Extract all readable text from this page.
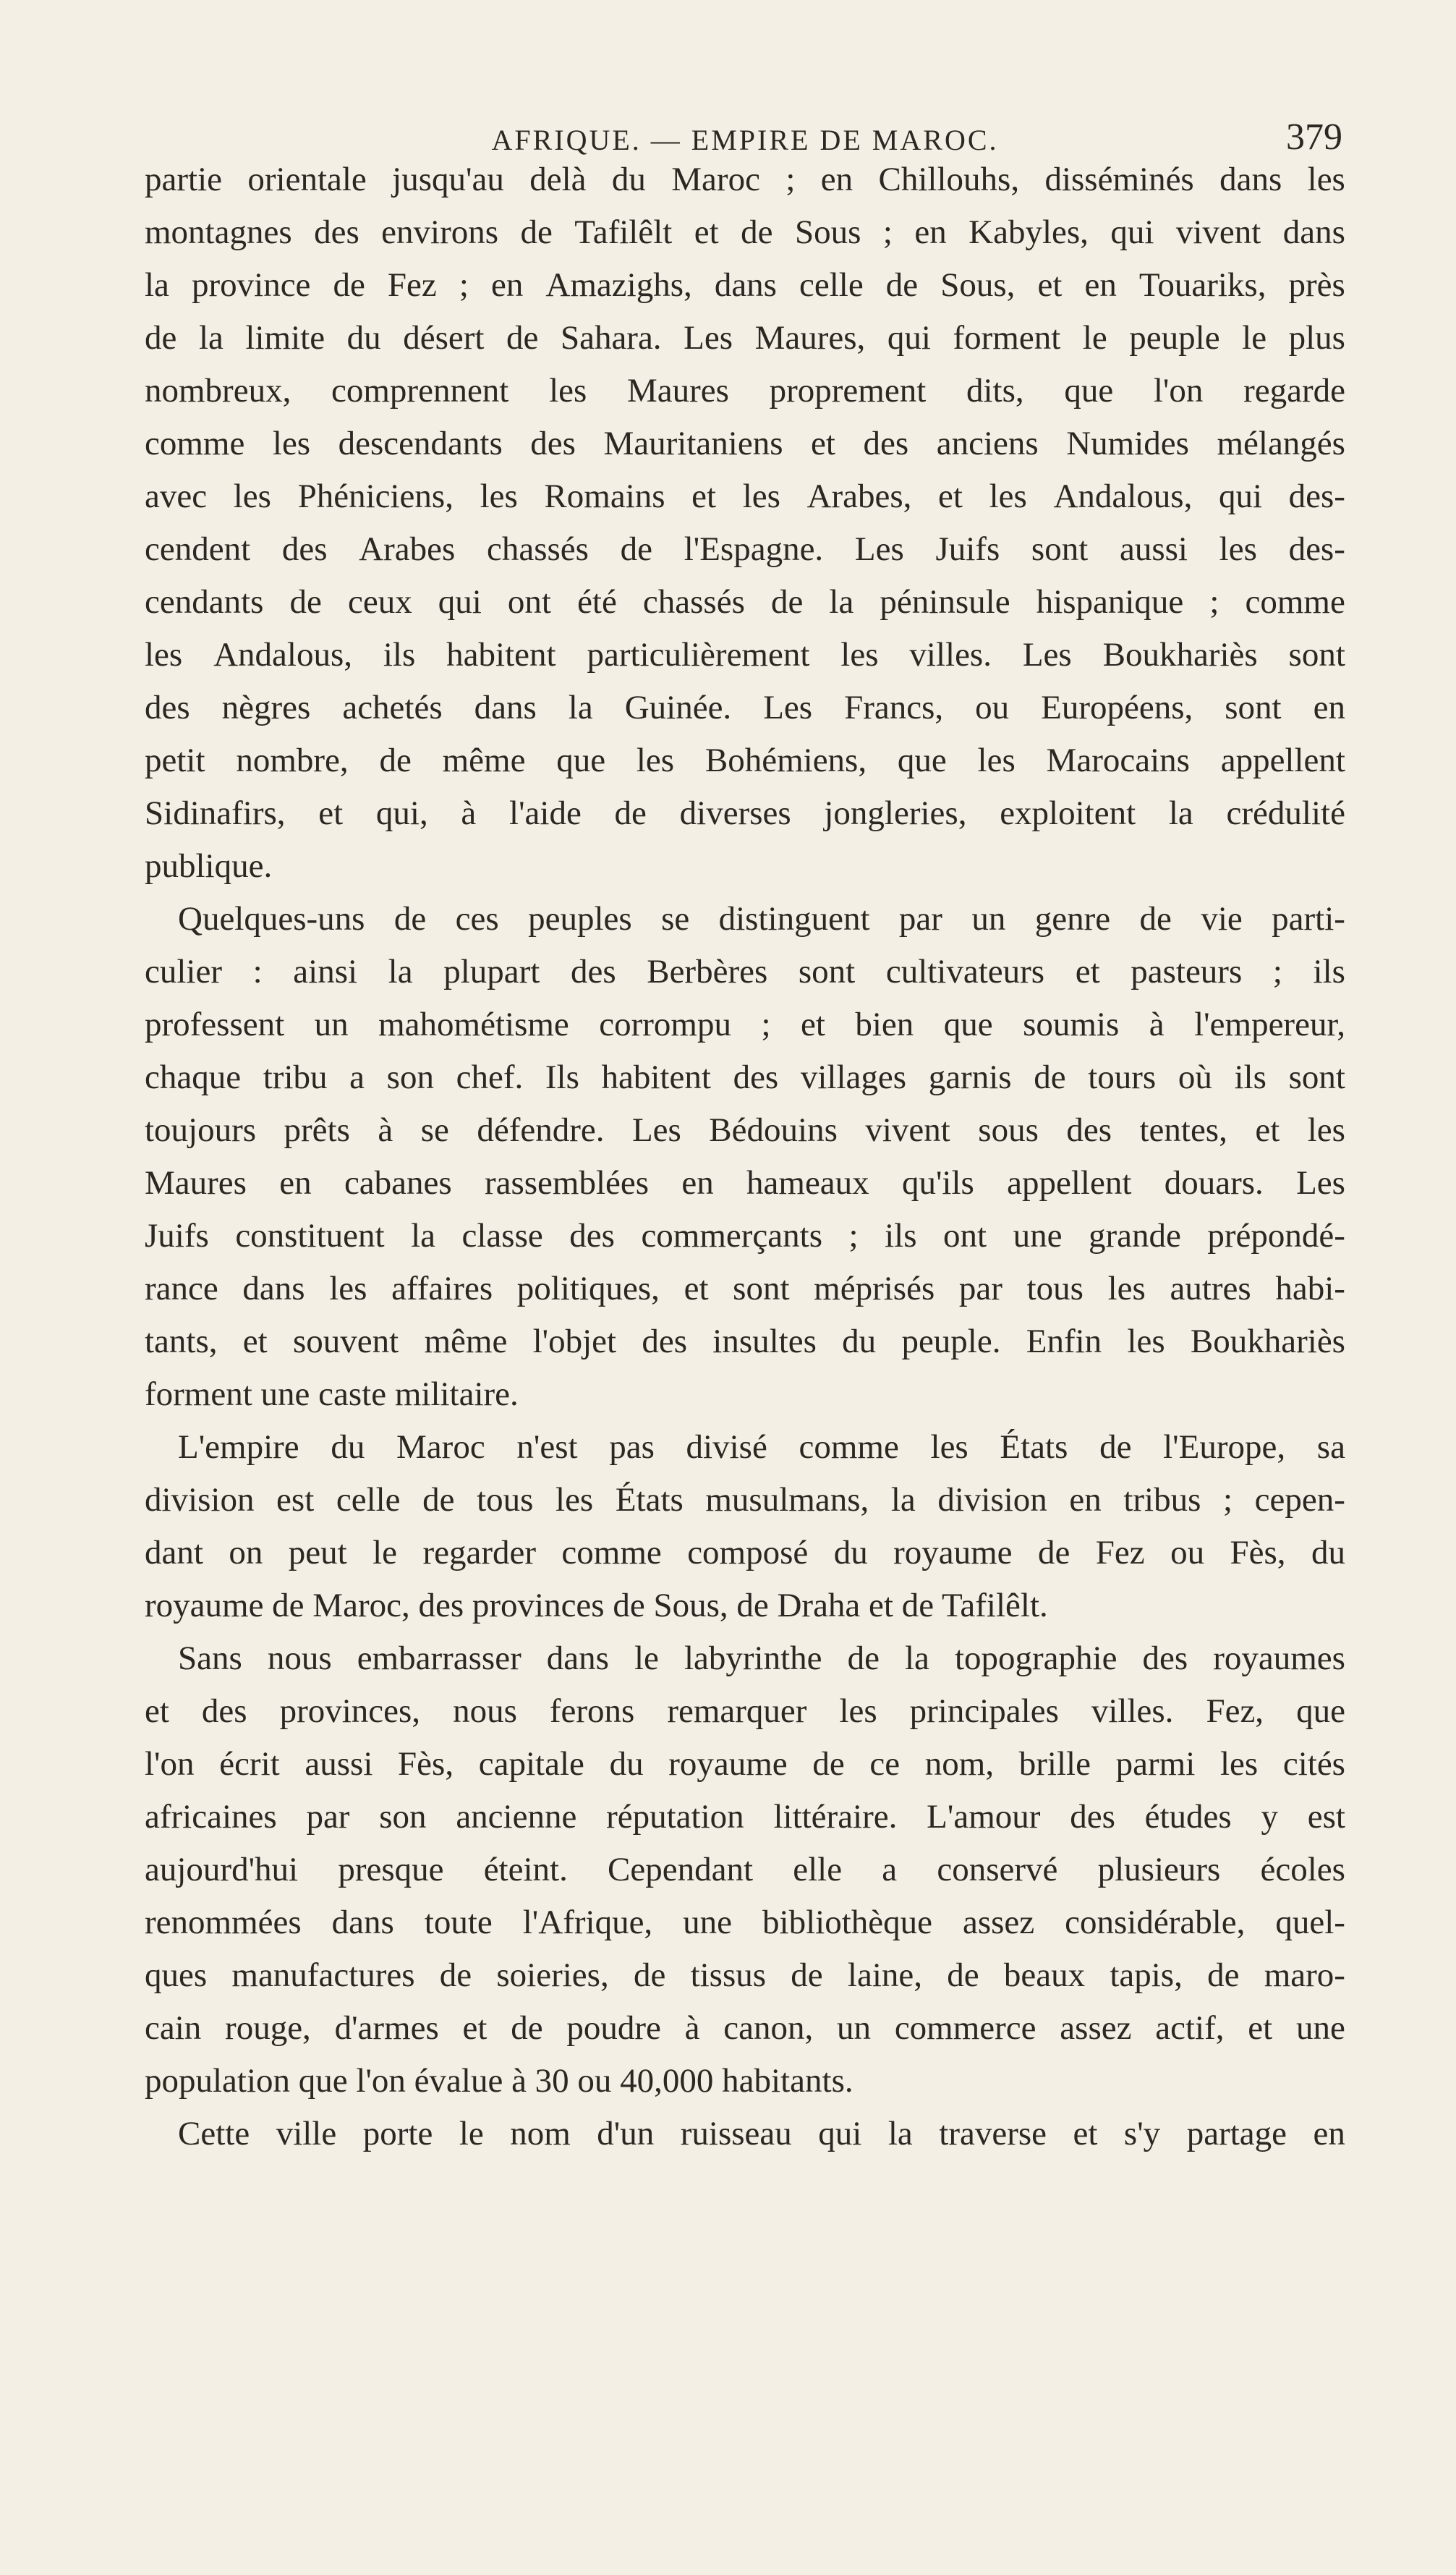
AFRIQUE. — EMPIRE DE MAROC.	379
partie orientale jusqu'au delà du Maroc ; en Chillouhs, disséminés dans les
montagnes des environs de Tafilêlt et de Sous ; en Kabyles, qui vivent dans
la province de Fez ; en Amazighs, dans celle de Sous, et en Touariks, près
de la limite du désert de Sahara. Les Maures, qui forment le peuple le plus
nombreux, comprennent les Maures proprement dits, que l'on regarde
comme les descendants des Mauritaniens et des anciens Numides mélangés
avec les Phéniciens, les Romains et les Arabes, et les Andalous, qui des-
cendent des Arabes chassés de l'Espagne. Les Juifs sont aussi les des-
cendants de ceux qui ont été chassés de la péninsule hispanique ; comme
les Andalous, ils habitent particulièrement les villes. Les Boukhariès sont
des nègres achetés dans la Guinée. Les Francs, ou Européens, sont en
petit nombre, de même que les Bohémiens, que les Marocains appellent
Sidinafirs, et qui, à l'aide de diverses jongleries, exploitent la crédulité
publique.
Quelques-uns de ces peuples se distinguent par un genre de vie parti-
culier : ainsi la plupart des Berbères sont cultivateurs et pasteurs ; ils
professent un mahométisme corrompu ; et bien que soumis à l'empereur,
chaque tribu a son chef. Ils habitent des villages garnis de tours où ils sont
toujours prêts à se défendre. Les Bédouins vivent sous des tentes, et les
Maures en cabanes rassemblées en hameaux qu'ils appellent douars. Les
Juifs constituent la classe des commerçants ; ils ont une grande prépondé-
rance dans les affaires politiques, et sont méprisés par tous les autres habi-
tants, et souvent même l'objet des insultes du peuple. Enfin les Boukhariès
forment une caste militaire.
L'empire du Maroc n'est pas divisé comme les États de l'Europe, sa
division est celle de tous les États musulmans, la division en tribus ; cepen-
dant on peut le regarder comme composé du royaume de Fez ou Fès, du
royaume de Maroc, des provinces de Sous, de Draha et de Tafilêlt.
Sans nous embarrasser dans le labyrinthe de la topographie des royaumes
et des provinces, nous ferons remarquer les principales villes. Fez, que
l'on écrit aussi Fès, capitale du royaume de ce nom, brille parmi les cités
africaines par son ancienne réputation littéraire. L'amour des études y est
aujourd'hui presque éteint. Cependant elle a conservé plusieurs écoles
renommées dans toute l'Afrique, une bibliothèque assez considérable, quel-
ques manufactures de soieries, de tissus de laine, de beaux tapis, de maro-
cain rouge, d'armes et de poudre à canon, un commerce assez actif, et une
population que l'on évalue à 30 ou 40,000 habitants.
Cette ville porte le nom d'un ruisseau qui la traverse et s'y partage en
